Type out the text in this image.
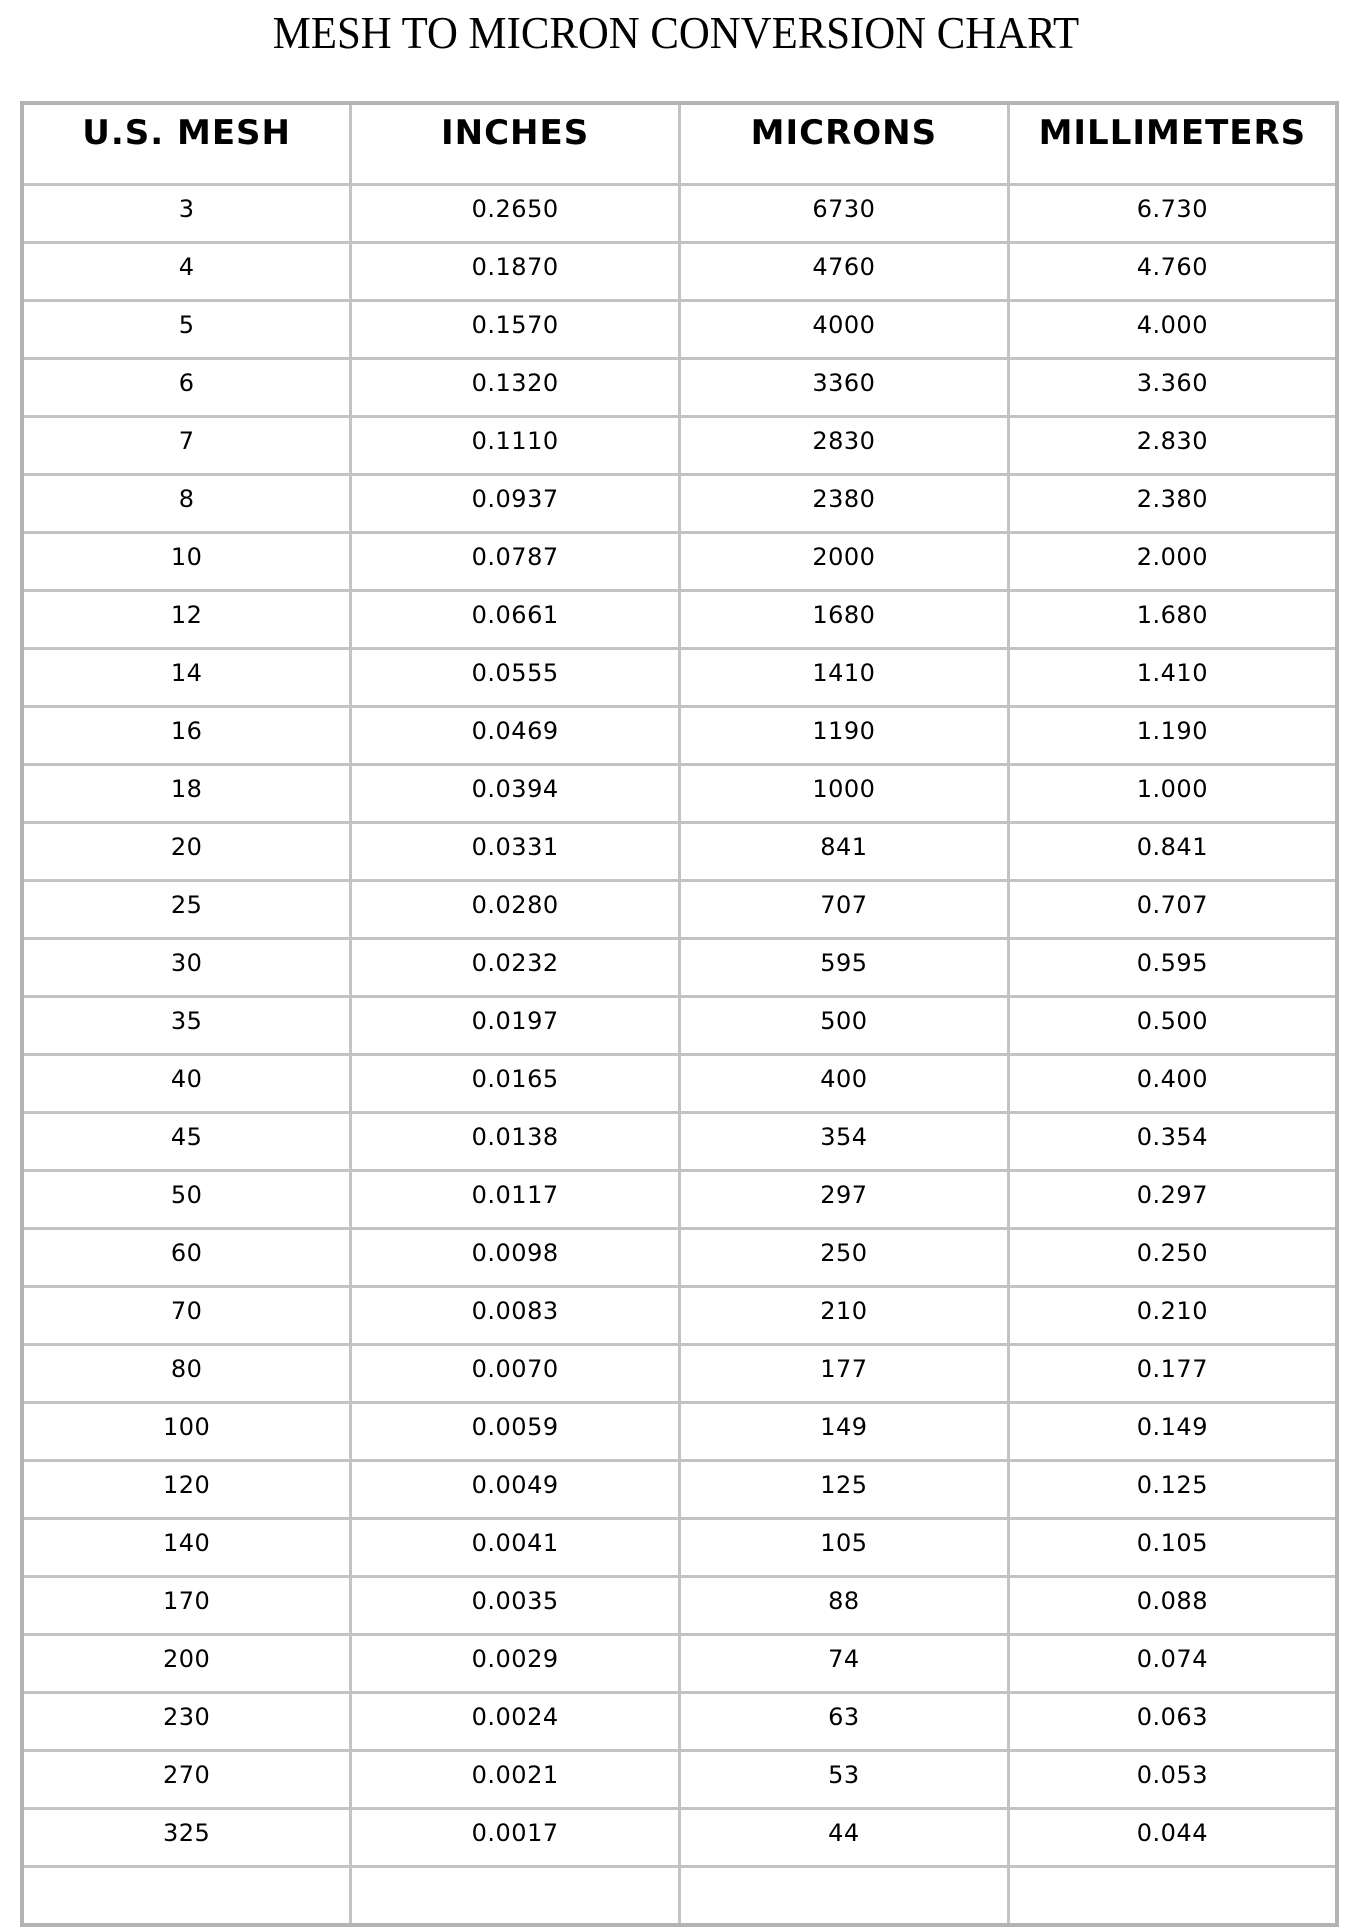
MESH TO MICRON CONVERSION CHART
U.S. MESH	INCHES	MICRONS	MILLIMETERS
3	0.2650	6730	6.730
4	0.1870	4760	4.760
5	0.1570	4000	4.000
6	0.1320	3360	3.360
7	0.1110	2830	2.830
8	0.0937	2380	2.380
10	0.0787	2000	2.000
12	0.0661	1680	1.680
14	0.0555	1410	1.410
16	0.0469	1190	1.190
18	0.0394	1000	1.000
20	0.0331	841	0.841
25	0.0280	707	0.707
30	0.0232	595	0.595
35	0.0197	500	0.500
40	0.0165	400	0.400
45	0.0138	354	0.354
50	0.0117	297	0.297
60	0.0098	250	0.250
70	0.0083	210	0.210
80	0.0070	177	0.177
100	0.0059	149	0.149
120	0.0049	125	0.125
140	0.0041	105	0.105
170	0.0035	88	0.088
200	0.0029	74	0.074
230	0.0024	63	0.063
270	0.0021	53	0.053
325	0.0017	44	0.044
